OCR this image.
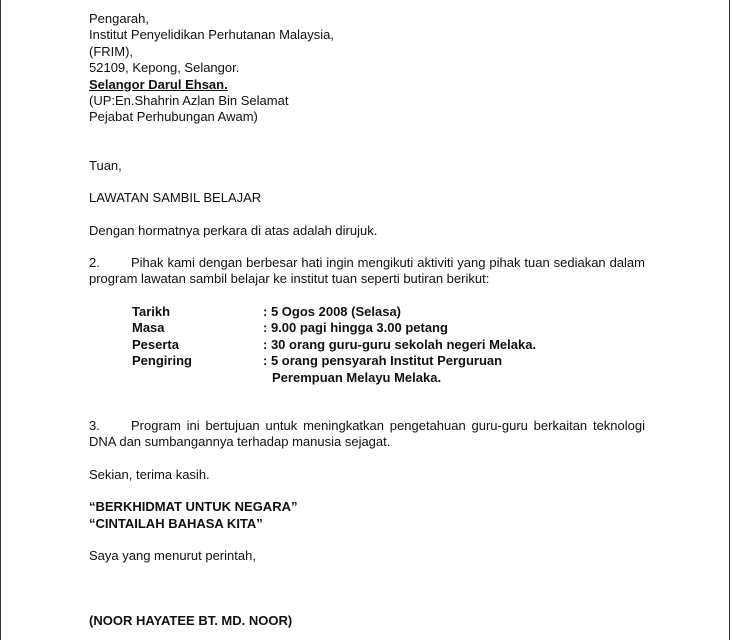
Pengarah,
Institut Penyelidikan Perhutanan Malaysia,
(FRIM),
52109, Kepong, Selangor.
Selangor Darul Ehsan.
(UP:En.Shahrin Azlan Bin Selamat
Pejabat Perhubungan Awam)
Tuan,
LAWATAN SAMBIL BELAJAR
Dengan hormatnya perkara di atas adalah dirujuk.
2. Pihak kami dengan berbesar hati ingin mengikuti aktiviti yang pihak tuan sediakan dalam program lawatan sambil belajar ke institut tuan seperti butiran berikut:
Tarikh	: 5 Ogos 2008 (Selasa)
Masa	: 9.00 pagi hingga 3.00 petang
Peserta	: 30 orang guru-guru sekolah negeri Melaka.
Pengiring	: 5 orang pensyarah Institut Perguruan
Perempuan Melayu Melaka.
3. Program ini bertujuan untuk meningkatkan pengetahuan guru-guru berkaitan teknologi DNA dan sumbangannya terhadap manusia sejagat.
Sekian, terima kasih.
“BERKHIDMAT UNTUK NEGARA”
“CINTAILAH BAHASA KITA”
Saya yang menurut perintah,
(NOOR HAYATEE BT. MD. NOOR)
